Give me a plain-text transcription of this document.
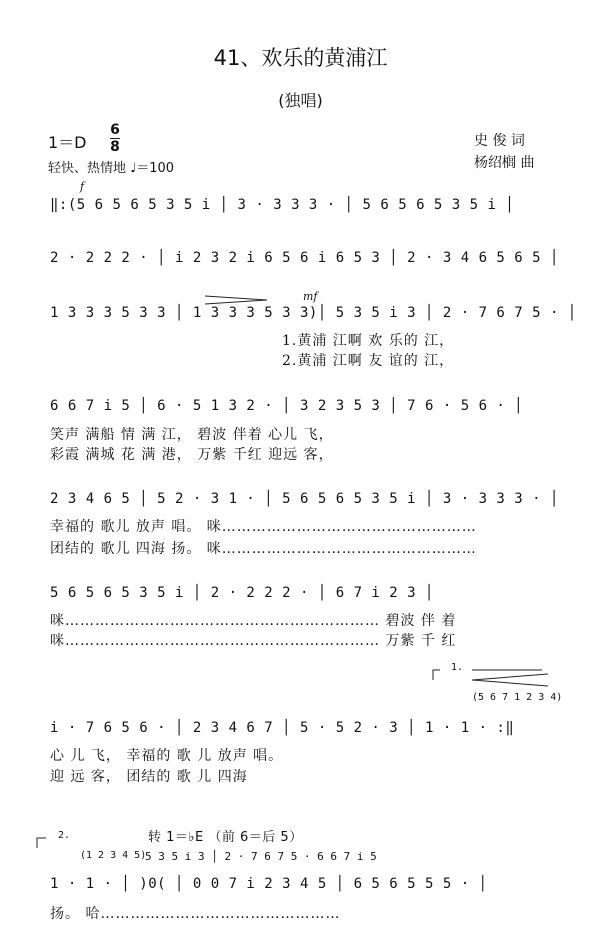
41、欢乐的黄浦江
(独唱)
1＝D
6
8
轻快、热情地 ♩＝100
史 俊 词
杨绍榈 曲
f
‖:(5 6 5 6 5 3 5 i │ 3 · 3 3 3 · │ 5 6 5 6 5 3 5 i │
2 · 2 2 2 · │ i 2 3 2 i 6 5 6 i 6 5 3 │ 2 · 3 4 6 5 6 5 │
mf
1 3 3 3 5 3 3 │ 1 3 3 3 5 3 3)│ 5 3 5 i 3 │ 2 · 7 6 7 5 · │
1.黄浦 江啊 欢 乐的 江，
2.黄浦 江啊 友 谊的 江，
6 6 7 i 5 │ 6 · 5 1 3 2 · │ 3 2 3 5 3 │ 7 6 · 5 6 · │
笑声 满船 情 满 江， 碧波 伴着 心儿 飞，
彩霞 满城 花 满 港， 万紫 千红 迎远 客，
2 3 4 6 5 │ 5 2 · 3 1 · │ 5 6 5 6 5 3 5 i │ 3 · 3 3 3 · │
幸福的 歌儿 放声 唱。 咪……………………………………………
团结的 歌儿 四海 扬。 咪……………………………………………
5 6 5 6 5 3 5 i │ 2 · 2 2 2 · │ 6 7 i 2 3 │
咪……………………………………………………… 碧波 伴 着
咪……………………………………………………… 万紫 千 红
1.
(5 6 7 1 2 3 4)
i · 7 6 5 6 · │ 2 3 4 6 7 │ 5 · 5 2 · 3 │ 1 · 1 · :‖
心 儿 飞， 幸福的 歌 儿 放声 唱。
迎 远 客， 团结的 歌 儿 四海
2.	转 1＝♭E （前 6＝后 5）
(1 2 3 4 5)
5 3 5 i 3 │ 2 · 7 6 7 5 · 6 6 7 i 5
1 · 1 · │ )0( │ 0 0 7 i 2 3 4 5 │ 6 5 6 5 5 5 · │
扬。 哈…………………………………………
